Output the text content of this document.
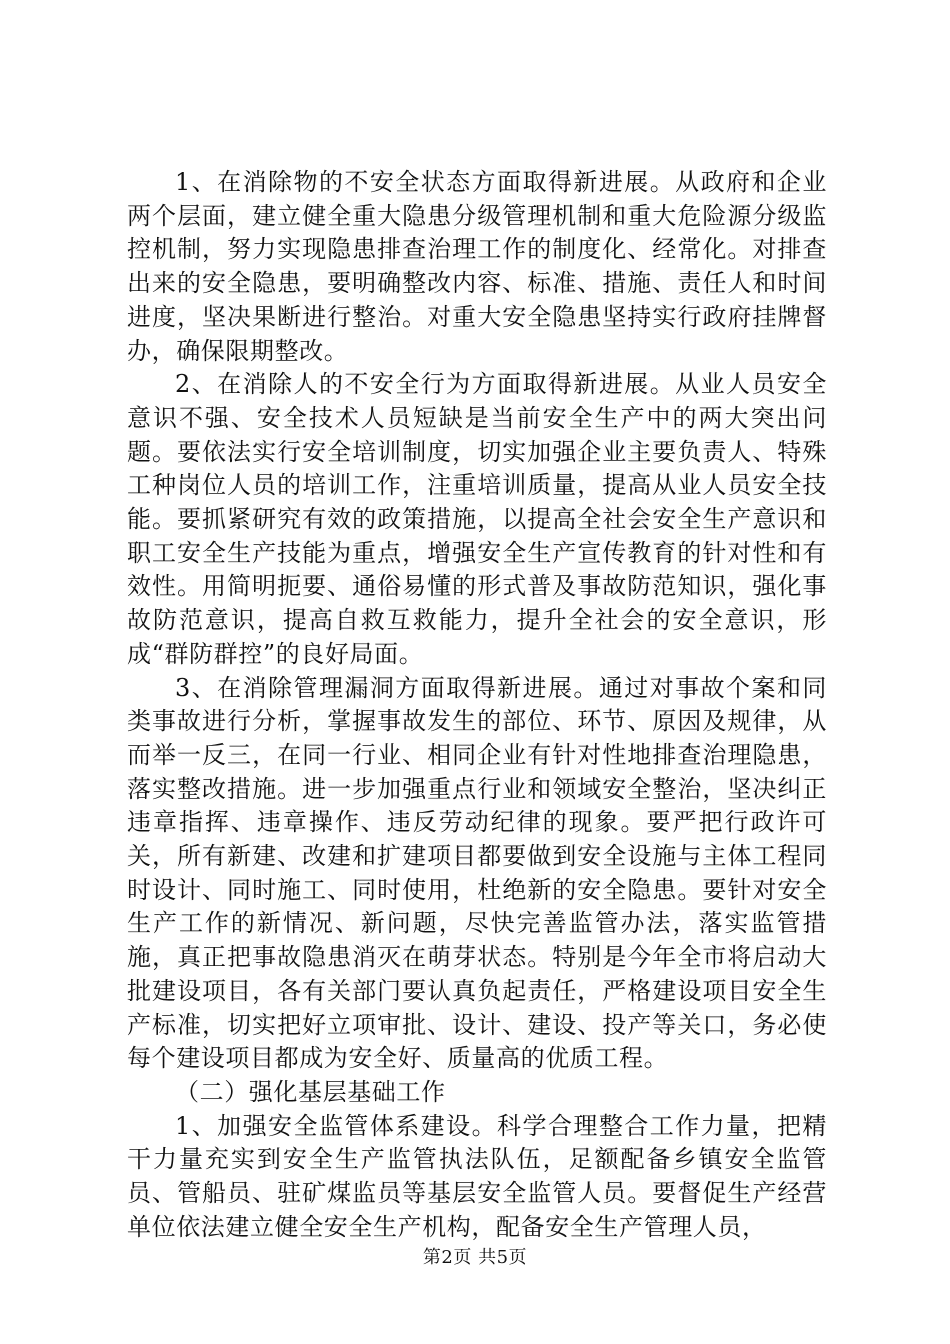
1、在消除物的不安全状态方面取得新进展。从政府和企业两个层面，建立健全重大隐患分级管理机制和重大危险源分级监控机制，努力实现隐患排查治理工作的制度化、经常化。对排查出来的安全隐患，要明确整改内容、标准、措施、责任人和时间进度，坚决果断进行整治。对重大安全隐患坚持实行政府挂牌督办，确保限期整改。

2、在消除人的不安全行为方面取得新进展。从业人员安全意识不强、安全技术人员短缺是当前安全生产中的两大突出问题。要依法实行安全培训制度，切实加强企业主要负责人、特殊工种岗位人员的培训工作，注重培训质量，提高从业人员安全技能。要抓紧研究有效的政策措施，以提高全社会安全生产意识和职工安全生产技能为重点，增强安全生产宣传教育的针对性和有效性。用简明扼要、通俗易懂的形式普及事故防范知识，强化事故防范意识，提高自救互救能力，提升全社会的安全意识，形成“群防群控”的良好局面。

3、在消除管理漏洞方面取得新进展。通过对事故个案和同类事故进行分析，掌握事故发生的部位、环节、原因及规律，从而举一反三，在同一行业、相同企业有针对性地排查治理隐患，落实整改措施。进一步加强重点行业和领域安全整治，坚决纠正违章指挥、违章操作、违反劳动纪律的现象。要严把行政许可关，所有新建、改建和扩建项目都要做到安全设施与主体工程同时设计、同时施工、同时使用，杜绝新的安全隐患。要针对安全生产工作的新情况、新问题，尽快完善监管办法，落实监管措施，真正把事故隐患消灭在萌芽状态。特别是今年全市将启动大批建设项目，各有关部门要认真负起责任，严格建设项目安全生产标准，切实把好立项审批、设计、建设、投产等关口，务必使每个建设项目都成为安全好、质量高的优质工程。

（二）强化基层基础工作

1、加强安全监管体系建设。科学合理整合工作力量，把精干力量充实到安全生产监管执法队伍，足额配备乡镇安全监管员、管船员、驻矿煤监员等基层安全监管人员。要督促生产经营单位依法建立健全安全生产机构，配备安全生产管理人员，

第2页 共5页
